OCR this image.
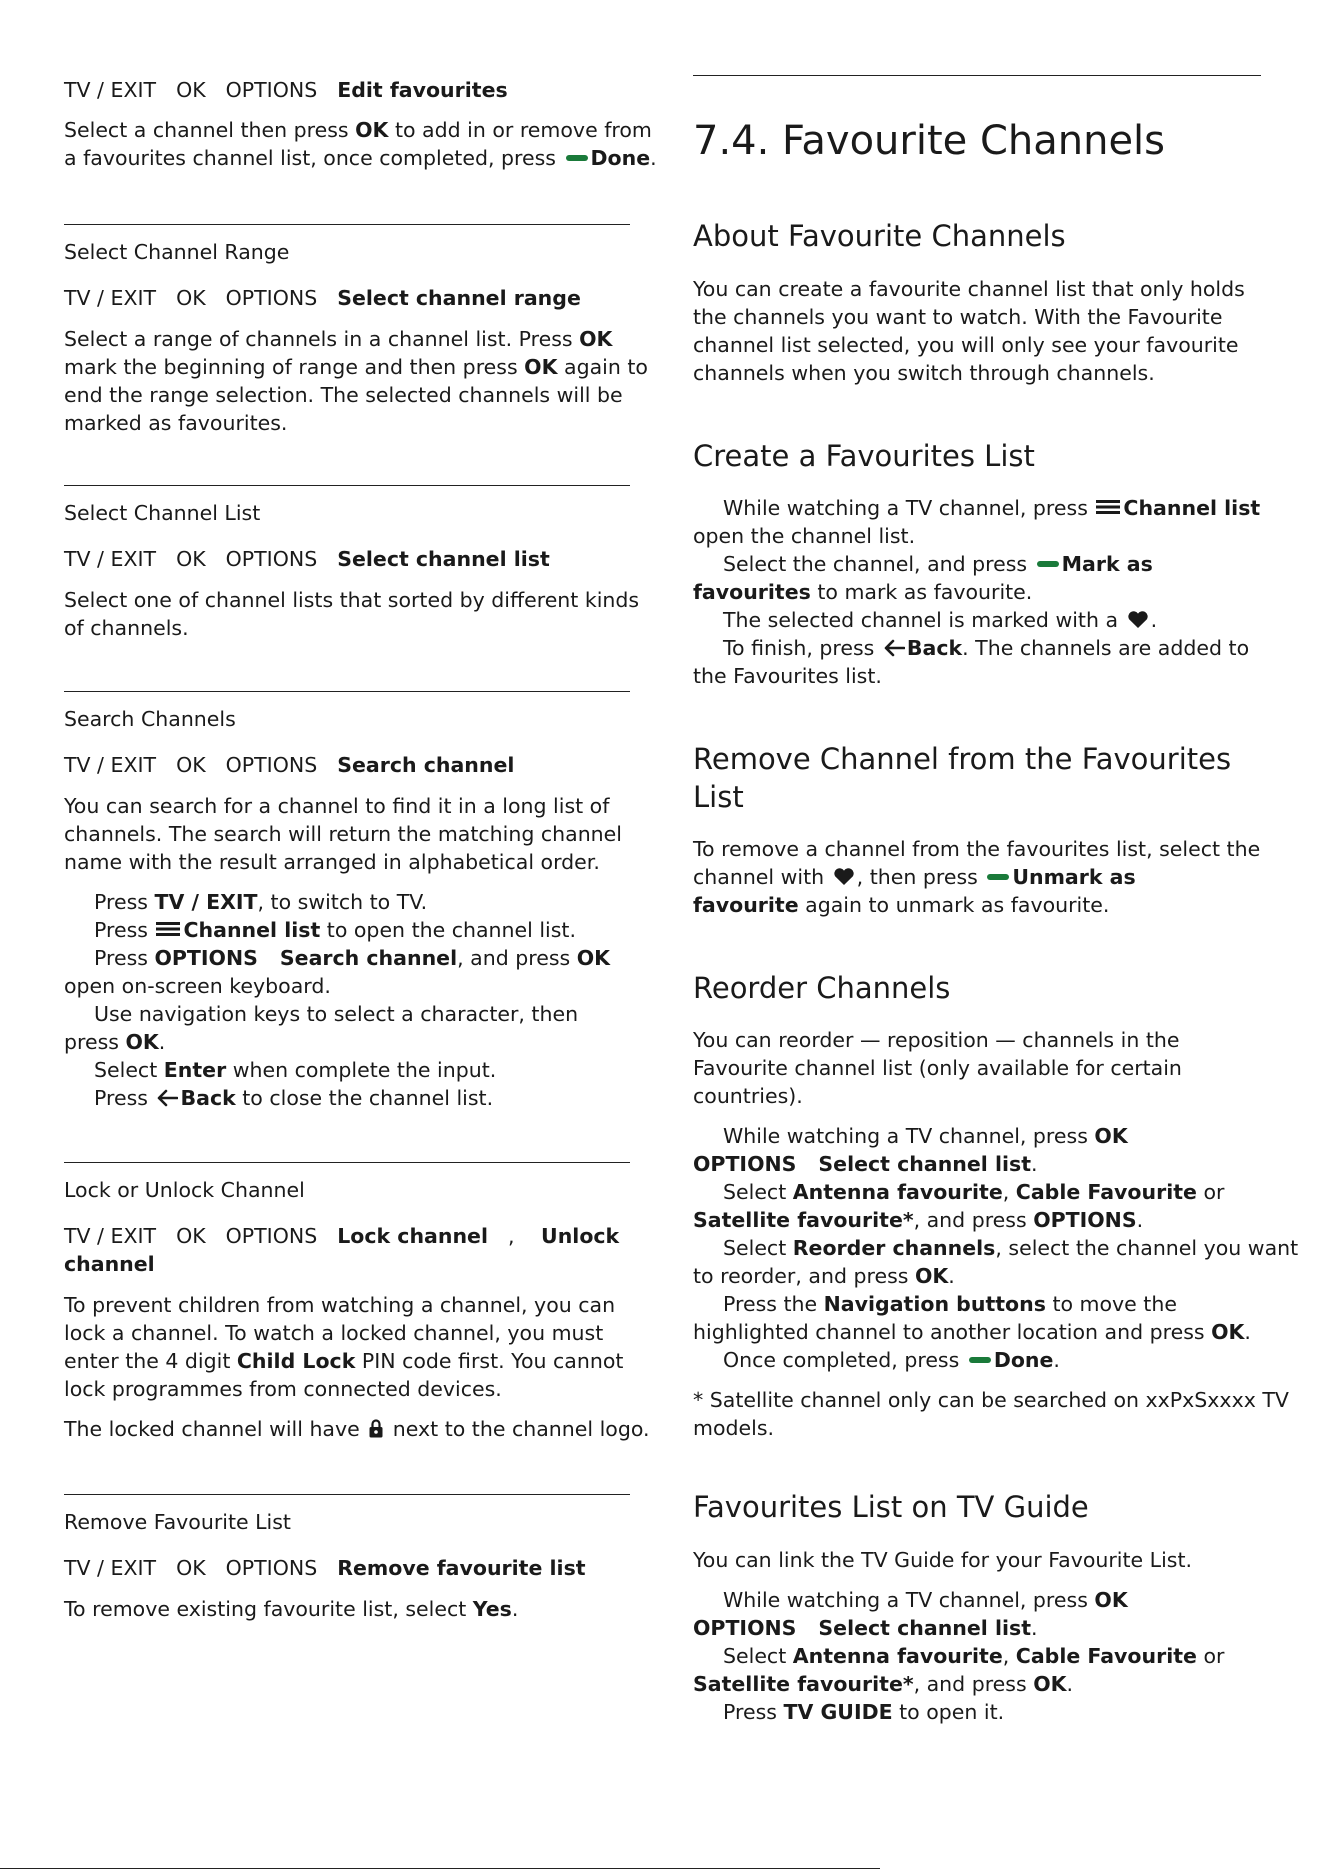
TV / EXIT OK OPTIONS Edit favourites
Select a channel then press OK to add in or remove from
a favourites channel list, once completed, press Done.
Select Channel Range
TV / EXIT OK OPTIONS Select channel range
Select a range of channels in a channel list. Press OK
mark the beginning of range and then press OK again to
end the range selection. The selected channels will be
marked as favourites.
Select Channel List
TV / EXIT OK OPTIONS Select channel list
Select one of channel lists that sorted by different kinds
of channels.
Search Channels
TV / EXIT OK OPTIONS Search channel
You can search for a channel to find it in a long list of
channels. The search will return the matching channel
name with the result arranged in alphabetical order.
Press TV / EXIT, to switch to TV.
Press Channel list to open the channel list.
Press OPTIONS Search channel, and press OK
open on-screen keyboard.
Use navigation keys to select a character, then
press OK.
Select Enter when complete the input.
Press Back to close the channel list.
Lock or Unlock Channel
TV / EXIT OK OPTIONS Lock channel , Unlock
channel
To prevent children from watching a channel, you can
lock a channel. To watch a locked channel, you must
enter the 4 digit Child Lock PIN code first. You cannot
lock programmes from connected devices.
The locked channel will have  next to the channel logo.
Remove Favourite List
TV / EXIT OK OPTIONS Remove favourite list
To remove existing favourite list, select Yes.
7.4. Favourite Channels
About Favourite Channels
You can create a favourite channel list that only holds
the channels you want to watch. With the Favourite
channel list selected, you will only see your favourite
channels when you switch through channels.
Create a Favourites List
While watching a TV channel, press Channel list
open the channel list.
Select the channel, and press Mark as
favourites to mark as favourite.
The selected channel is marked with a .
To finish, press Back. The channels are added to
the Favourites list.
Remove Channel from the Favourites
List
To remove a channel from the favourites list, select the
channel with , then press Unmark as
favourite again to unmark as favourite.
Reorder Channels
You can reorder — reposition — channels in the
Favourite channel list (only available for certain
countries).
While watching a TV channel, press OK
OPTIONS Select channel list.
Select Antenna favourite, Cable Favourite or
Satellite favourite*, and press OPTIONS.
Select Reorder channels, select the channel you want
to reorder, and press OK.
Press the Navigation buttons to move the
highlighted channel to another location and press OK.
Once completed, press Done.
* Satellite channel only can be searched on xxPxSxxxx TV
models.
Favourites List on TV Guide
You can link the TV Guide for your Favourite List.
While watching a TV channel, press OK
OPTIONS Select channel list.
Select Antenna favourite, Cable Favourite or
Satellite favourite*, and press OK.
Press TV GUIDE to open it.
